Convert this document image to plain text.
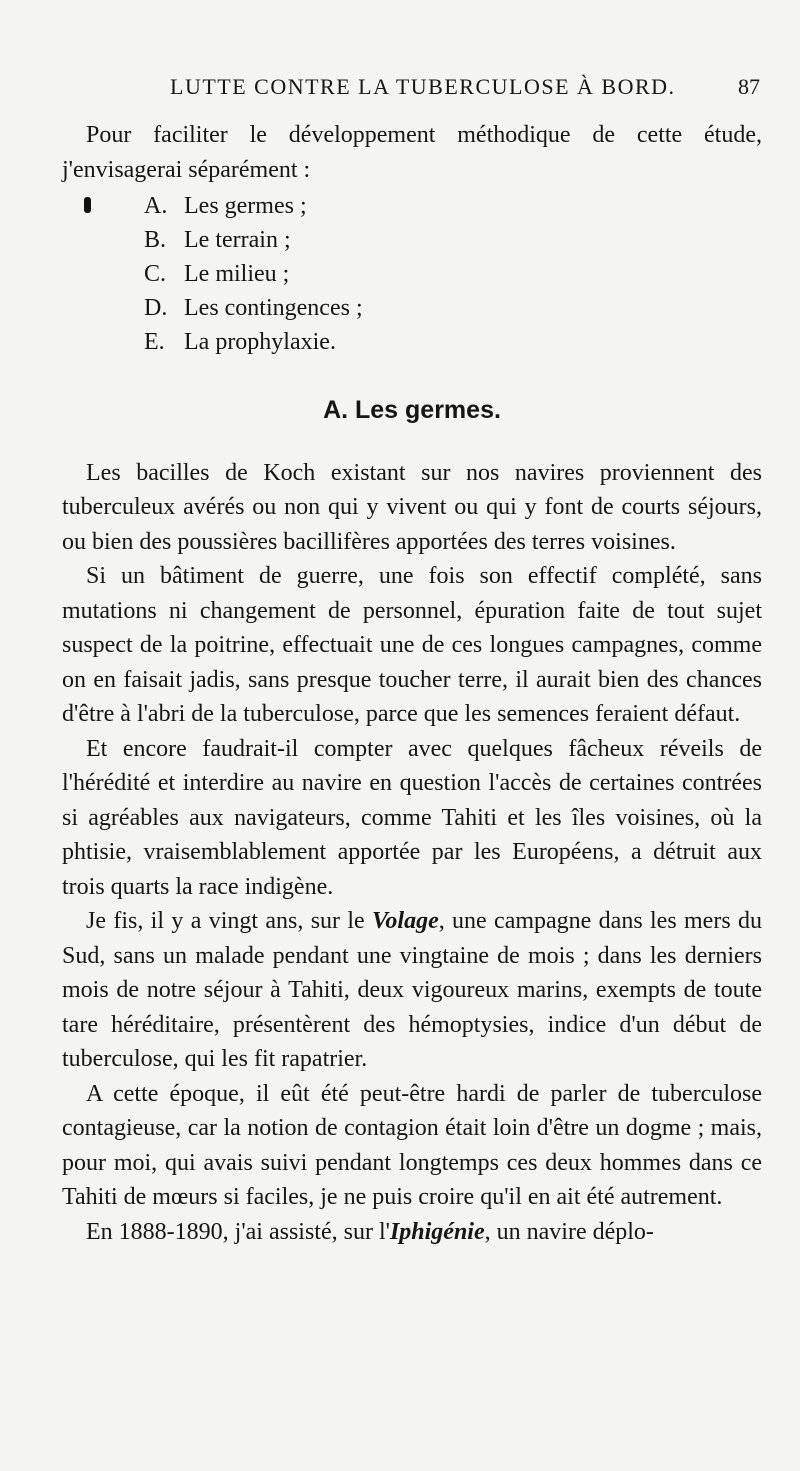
LUTTE CONTRE LA TUBERCULOSE À BORD.	87

Pour faciliter le développement méthodique de cette étude, j'envisagerai séparément :

A. Les germes ;
B. Le terrain ;
C. Le milieu ;
D. Les contingences ;
E. La prophylaxie.
A. Les germes.

Les bacilles de Koch existant sur nos navires proviennent des tuberculeux avérés ou non qui y vivent ou qui y font de courts séjours, ou bien des poussières bacillifères apportées des terres voisines.

Si un bâtiment de guerre, une fois son effectif complété, sans mutations ni changement de personnel, épuration faite de tout sujet suspect de la poitrine, effectuait une de ces longues campagnes, comme on en faisait jadis, sans presque toucher terre, il aurait bien des chances d'être à l'abri de la tuberculose, parce que les semences feraient défaut.

Et encore faudrait-il compter avec quelques fâcheux réveils de l'hérédité et interdire au navire en question l'accès de certaines contrées si agréables aux navigateurs, comme Tahiti et les îles voisines, où la phtisie, vraisemblablement apportée par les Européens, a détruit aux trois quarts la race indigène.

Je fis, il y a vingt ans, sur le Volage, une campagne dans les mers du Sud, sans un malade pendant une vingtaine de mois ; dans les derniers mois de notre séjour à Tahiti, deux vigoureux marins, exempts de toute tare héréditaire, présentèrent des hémoptysies, indice d'un début de tuberculose, qui les fit rapatrier.

A cette époque, il eût été peut-être hardi de parler de tuberculose contagieuse, car la notion de contagion était loin d'être un dogme ; mais, pour moi, qui avais suivi pendant longtemps ces deux hommes dans ce Tahiti de mœurs si faciles, je ne puis croire qu'il en ait été autrement.

En 1888-1890, j'ai assisté, sur l'Iphigénie, un navire déplo-
